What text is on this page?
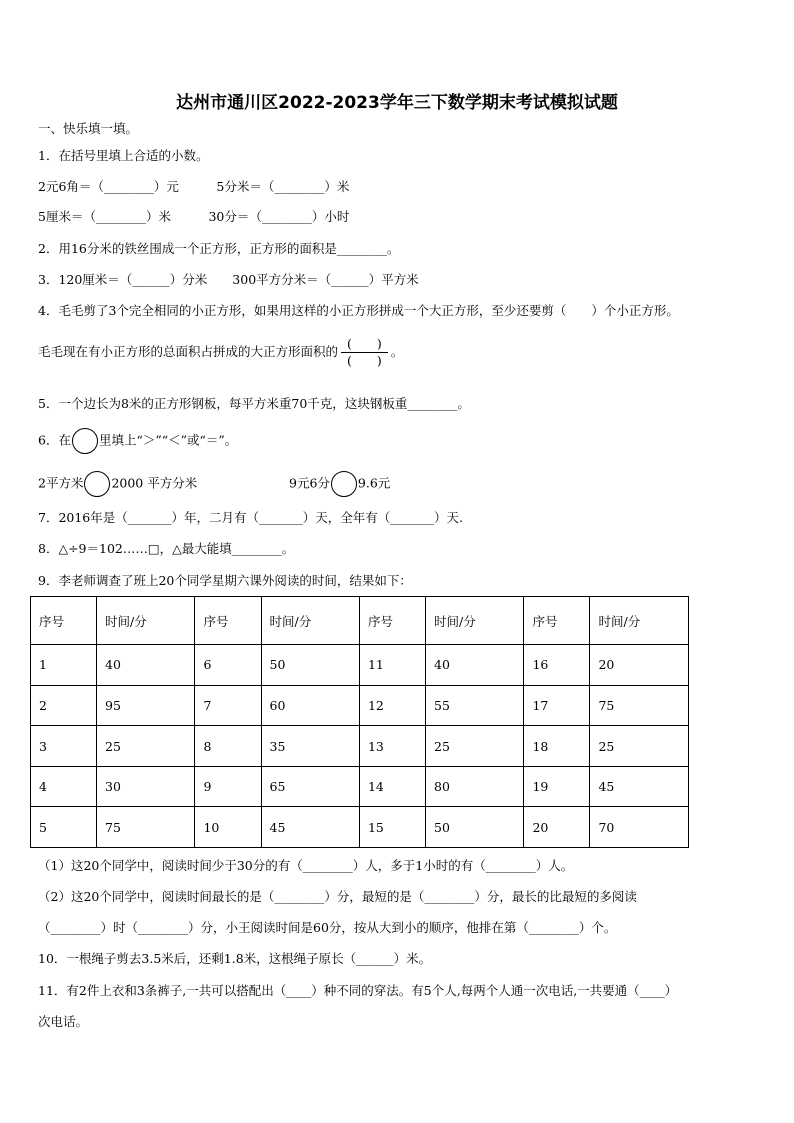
达州市通川区2022-2023学年三下数学期末考试模拟试题
一、快乐填一填。
1．在括号里填上合适的小数。
2元6角＝（________）元　　　5分米＝（________）米
5厘米＝（________）米　　　30分＝（________）小时
2．用16分米的铁丝围成一个正方形，正方形的面积是________。
3．120厘米＝（______）分米　　300平方分米＝（______）平方米
4．毛毛剪了3个完全相同的小正方形，如果用这样的小正方形拼成一个大正方形，至少还要剪（　　）个小正方形。
毛毛现在有小正方形的总面积占拼成的大正方形面积的 $\frac{( )}{( )}$ 。
5．一个边长为8米的正方形钢板，每平方米重70千克，这块钢板重________。
6．在 里填上“＞”“＜”或“＝”。
2平方米 2000 平方分米	9元6分 9.6元
7．2016年是（_______）年，二月有（_______）天，全年有（_______）天.
8．△÷9＝102……□，△最大能填________。
9．李老师调查了班上20个同学星期六课外阅读的时间，结果如下：
序号	时间/分	序号	时间/分	序号	时间/分	序号	时间/分
1	40	6	50	11	40	16	20
2	95	7	60	12	55	17	75
3	25	8	35	13	25	18	25
4	30	9	65	14	80	19	45
5	75	10	45	15	50	20	70
（1）这20个同学中，阅读时间少于30分的有（________）人，多于1小时的有（________）人。
（2）这20个同学中，阅读时间最长的是（________）分，最短的是（________）分，最长的比最短的多阅读
（________）时（________）分，小王阅读时间是60分，按从大到小的顺序，他排在第（________）个。
10．一根绳子剪去3.5米后，还剩1.8米，这根绳子原长（______）米。
11．有2件上衣和3条裤子,一共可以搭配出（____）种不同的穿法。有5个人,每两个人通一次电话,一共要通（____）
次电话。
